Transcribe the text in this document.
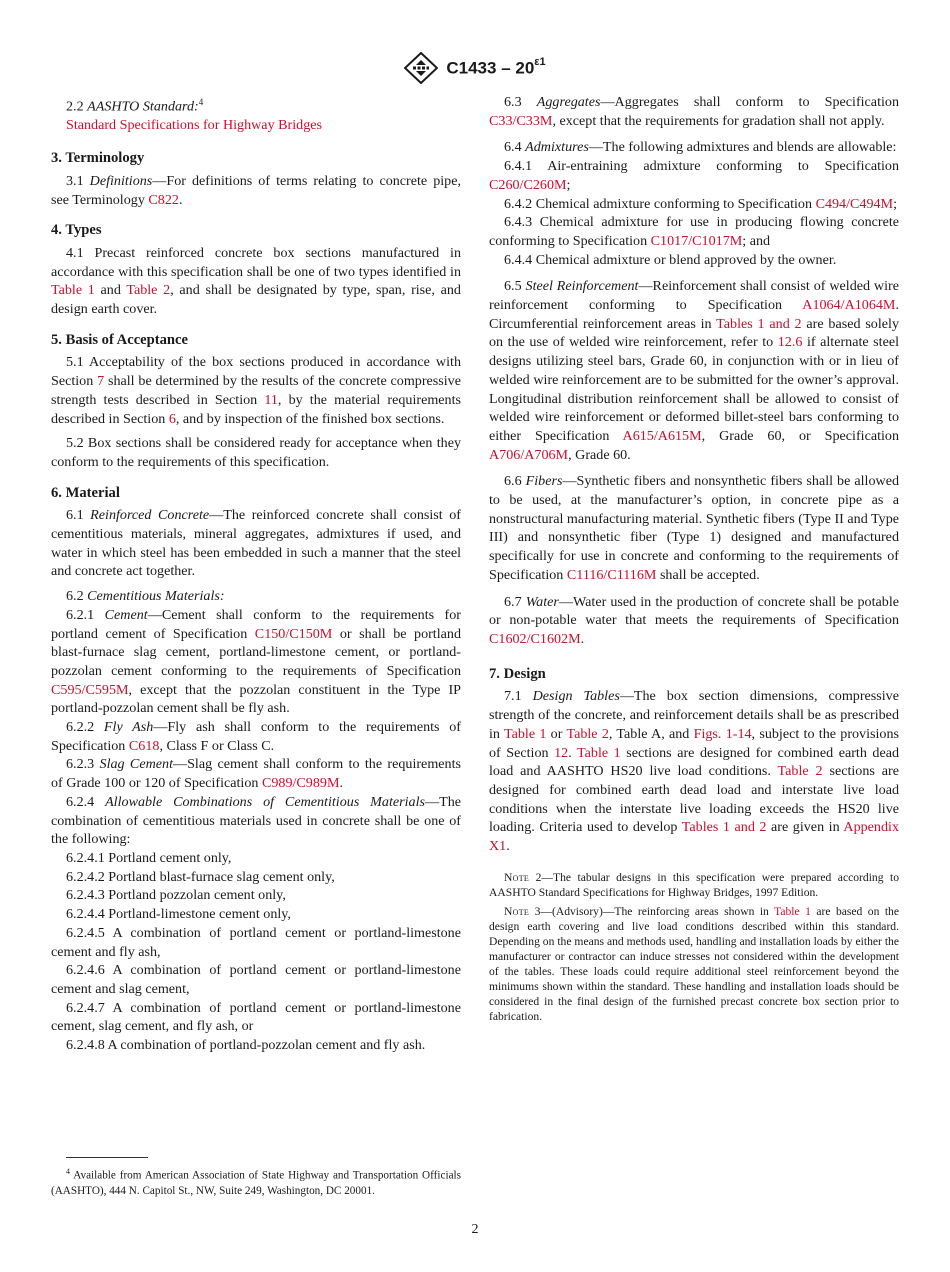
$C1433 - 20^{\varepsilon 1}$

2.2 AASHTO Standard:$^4$

Standard Specifications for Highway Bridges

3. Terminology

3.1 Definitions—For definitions of terms relating to concrete pipe, see Terminology C822.

4. Types

4.1 Precast reinforced concrete box sections manufactured in accordance with this specification shall be one of two types identified in Table 1 and Table 2, and shall be designated by type, span, rise, and design earth cover.

5. Basis of Acceptance

5.1 Acceptability of the box sections produced in accordance with Section 7 shall be determined by the results of the concrete compressive strength tests described in Section 11, by the material requirements described in Section 6, and by inspection of the finished box sections.

5.2 Box sections shall be considered ready for acceptance when they conform to the requirements of this specification.

6. Material

6.1 Reinforced Concrete—The reinforced concrete shall consist of cementitious materials, mineral aggregates, admixtures if used, and water in which steel has been embedded in such a manner that the steel and concrete act together.

6.2 Cementitious Materials:

6.2.1 Cement—Cement shall conform to the requirements for portland cement of Specification C150/C150M or shall be portland blast-furnace slag cement, portland-limestone cement, or portland-pozzolan cement conforming to the requirements of Specification C595/C595M, except that the pozzolan constituent in the Type IP portland-pozzolan cement shall be fly ash.

6.2.2 Fly Ash—Fly ash shall conform to the requirements of Specification C618, Class F or Class C.

6.2.3 Slag Cement—Slag cement shall conform to the requirements of Grade 100 or 120 of Specification C989/C989M.

6.2.4 Allowable Combinations of Cementitious Materials—The combination of cementitious materials used in concrete shall be one of the following:

6.2.4.1 Portland cement only,

6.2.4.2 Portland blast-furnace slag cement only,

6.2.4.3 Portland pozzolan cement only,

6.2.4.4 Portland-limestone cement only,

6.2.4.5 A combination of portland cement or portland-limestone cement and fly ash,

6.2.4.6 A combination of portland cement or portland-limestone cement and slag cement,

6.2.4.7 A combination of portland cement or portland-limestone cement, slag cement, and fly ash, or

6.2.4.8 A combination of portland-pozzolan cement and fly ash.

6.3 Aggregates—Aggregates shall conform to Specification C33/C33M, except that the requirements for gradation shall not apply.

6.4 Admixtures—The following admixtures and blends are allowable:

6.4.1 Air-entraining admixture conforming to Specification C260/C260M;

6.4.2 Chemical admixture conforming to Specification C494/C494M;

6.4.3 Chemical admixture for use in producing flowing concrete conforming to Specification C1017/C1017M; and

6.4.4 Chemical admixture or blend approved by the owner.

6.5 Steel Reinforcement—Reinforcement shall consist of welded wire reinforcement conforming to Specification A1064/A1064M. Circumferential reinforcement areas in Tables 1 and 2 are based solely on the use of welded wire reinforcement, refer to 12.6 if alternate steel designs utilizing steel bars, Grade 60, in conjunction with or in lieu of welded wire reinforcement are to be submitted for the owner’s approval. Longitudinal distribution reinforcement shall be allowed to consist of welded wire reinforcement or deformed billet-steel bars conforming to either Specification A615/A615M, Grade 60, or Specification A706/A706M, Grade 60.

6.6 Fibers—Synthetic fibers and nonsynthetic fibers shall be allowed to be used, at the manufacturer’s option, in concrete pipe as a nonstructural manufacturing material. Synthetic fibers (Type II and Type III) and nonsynthetic fiber (Type 1) designed and manufactured specifically for use in concrete and conforming to the requirements of Specification C1116/C1116M shall be accepted.

6.7 Water—Water used in the production of concrete shall be potable or non-potable water that meets the requirements of Specification C1602/C1602M.

7. Design

7.1 Design Tables—The box section dimensions, compressive strength of the concrete, and reinforcement details shall be as prescribed in Table 1 or Table 2, Table A, and Figs. 1-14, subject to the provisions of Section 12. Table 1 sections are designed for combined earth dead load and AASHTO HS20 live load conditions. Table 2 sections are designed for combined earth dead load and interstate live load conditions when the interstate live loading exceeds the HS20 live loading. Criteria used to develop Tables 1 and 2 are given in Appendix X1.

Note 2—The tabular designs in this specification were prepared according to AASHTO Standard Specifications for Highway Bridges, 1997 Edition.

Note 3—(Advisory)—The reinforcing areas shown in Table 1 are based on the design earth covering and live load conditions described within this standard. Depending on the means and methods used, handling and installation loads by either the manufacturer or contractor can induce stresses not considered within the development of the tables. These loads could require additional steel reinforcement beyond the minimums shown within the standard. These handling and installation loads should be considered in the final design of the furnished precast concrete box section prior to fabrication.

$^4$ Available from American Association of State Highway and Transportation Officials (AASHTO), 444 N. Capitol St., NW, Suite 249, Washington, DC 20001.

2
